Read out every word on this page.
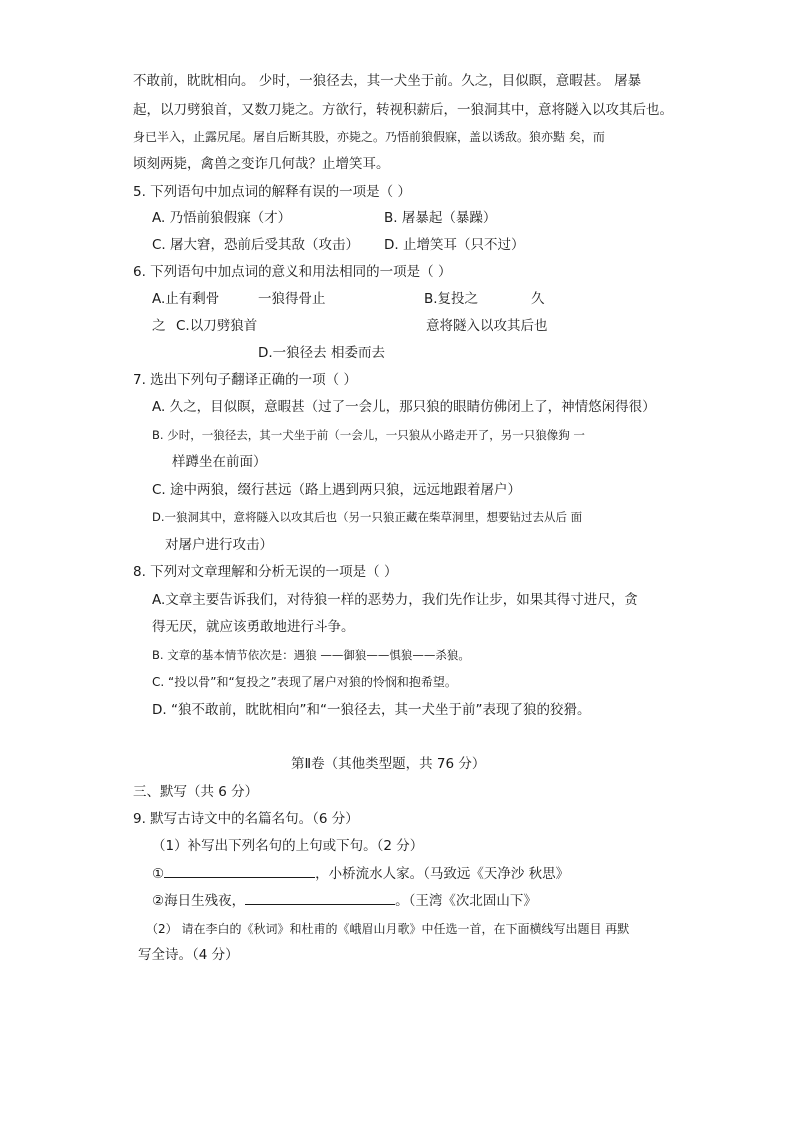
不敢前，眈眈相向。 少时，一狼径去，其一犬坐于前。久之，目似瞑，意暇甚。 屠暴
起，以刀劈狼首，又数刀毙之。方欲行，转视积薪后，一狼洞其中，意将隧入以攻其后也。
身已半入，止露尻尾。屠自后断其股，亦毙之。乃悟前狼假寐，盖以诱敌。狼亦黠 矣，而
顷刻两毙，禽兽之变诈几何哉？止增笑耳。
5. 下列语句中加点词的解释有误的一项是（ ）
A. 乃悟前狼假寐（才）	B. 屠暴起（暴躁）
C. 屠大窘，恐前后受其敌（攻击） D. 止增笑耳（只不过）
6. 下列语句中加点词的意义和用法相同的一项是（ ）
A.止有剩骨	一狼得骨止	B.复投之	久
之 C.以刀劈狼首	意将隧入以攻其后也
D.一狼径去 相委而去
7. 选出下列句子翻译正确的一项（ ）
A. 久之，目似瞑，意暇甚（过了一会儿，那只狼的眼睛仿佛闭上了，神情悠闲得很）
B. 少时，一狼径去，其一犬坐于前（一会儿，一只狼从小路走开了，另一只狼像狗 一
样蹲坐在前面）
C. 途中两狼，缀行甚远（路上遇到两只狼，远远地跟着屠户）
D.一狼洞其中，意将隧入以攻其后也（另一只狼正藏在柴草洞里，想要钻过去从后 面
对屠户进行攻击）
8. 下列对文章理解和分析无误的一项是（ ）
A.文章主要告诉我们，对待狼一样的恶势力，我们先作让步，如果其得寸进尺，贪
得无厌，就应该勇敢地进行斗争。
B. 文章的基本情节依次是：遇狼 ——御狼——惧狼——杀狼。
C. “投以骨”和“复投之”表现了屠户对狼的怜悯和抱希望。
D. “狼不敢前，眈眈相向”和“一狼径去，其一犬坐于前”表现了狼的狡猾。
第Ⅱ卷（其他类型题，共 76 分）
三、默写（共 6 分）
9. 默写古诗文中的名篇名句。（6 分）
（1）补写出下列名句的上句或下句。（2 分）
①	，小桥流水人家。（马致远《天净沙 秋思》
②海日生残夜，	。（王湾《次北固山下》
（2） 请在李白的《秋词》和杜甫的《峨眉山月歌》中任选一首，在下面横线写出题目 再默
写全诗。（4 分）
